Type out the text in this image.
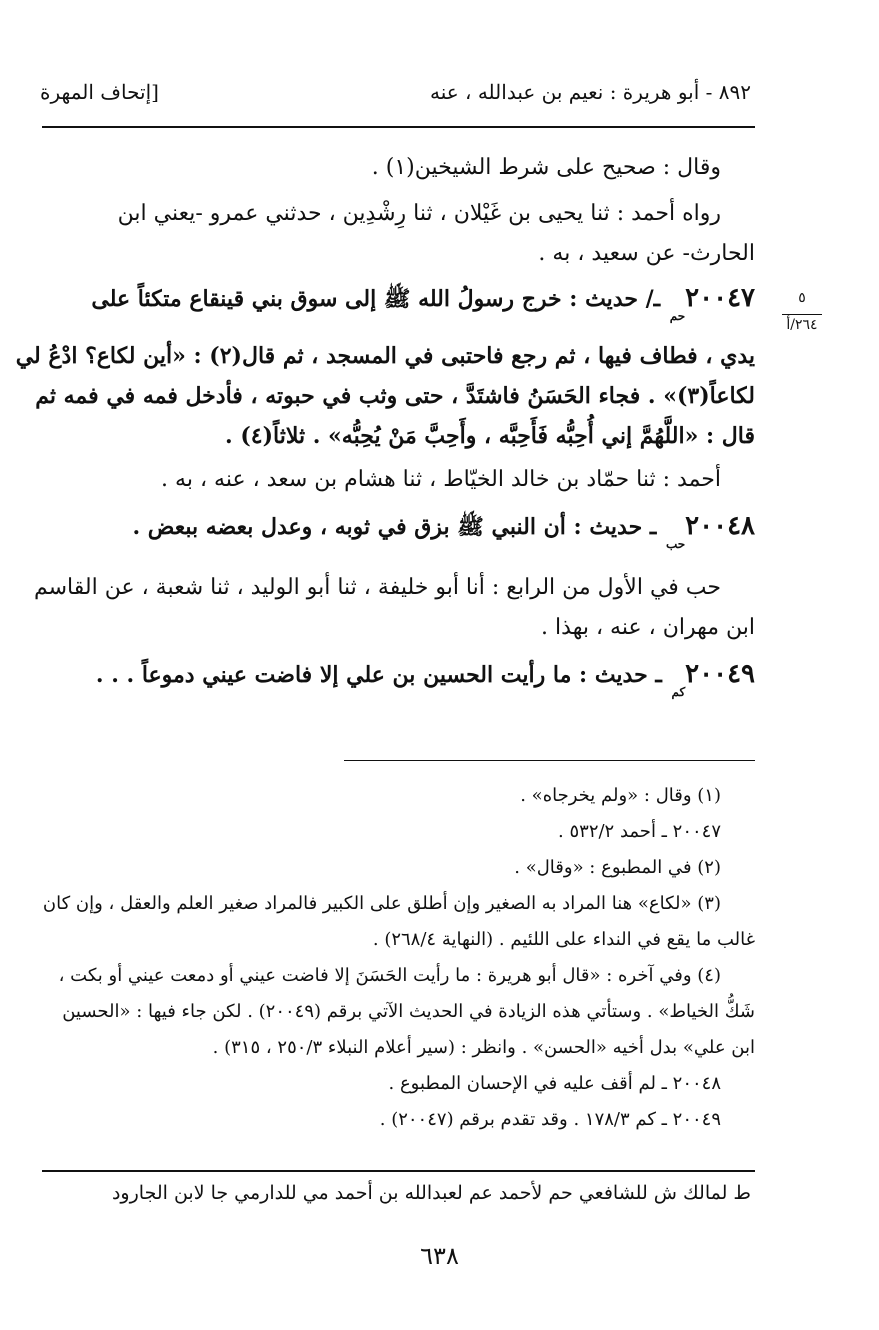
٨٩٢ - أبو هريرة : نعيم بن عبدالله ، عنه
[إتحاف المهرة
وقال : صحيح على شرط الشيخين(١) .
رواه أحمد : ثنا يحيى بن غَيْلان ، ثنا رِشْدِين ، حدثني عمرو -يعني ابن
الحارث- عن سعيد ، به .
$٢٠٠٤٧_{حم}$ ـ/ حديث : خرج رسولُ الله ﷺ إلى سوق بني قينقاع متكئاً على
يدي ، فطاف فيها ، ثم رجع فاحتبى في المسجد ، ثم قال(٢) : «أين لكاع؟ ادْعُ لي
لكاعاً(٣)» . فجاء الحَسَنُ فاشتَدَّ ، حتى وثب في حبوته ، فأدخل فمه في فمه ثم
قال : «اللَّهُمَّ إني أُحِبُّه فَأَحِبَّه ، وأَحِبَّ مَنْ يُحِبُّه» . ثلاثاً(٤) .
أحمد : ثنا حمّاد بن خالد الخيّاط ، ثنا هشام بن سعد ، عنه ، به .
$٢٠٠٤٨_{حب}$ ـ حديث : أن النبي ﷺ بزق في ثوبه ، وعدل بعضه ببعض .
حب في الأول من الرابع : أنا أبو خليفة ، ثنا أبو الوليد ، ثنا شعبة ، عن القاسم
ابن مهران ، عنه ، بهذا .
$٢٠٠٤٩_{كم}$ ـ حديث : ما رأيت الحسين بن علي إلا فاضت عيني دموعاً . . .
٥
٢٦٤/أ
(١) وقال : «ولم يخرجاه» .
٢٠٠٤٧ ـ أحمد ٥٣٢/٢ .
(٢) في المطبوع : «وقال» .
(٣) «لكاع» هنا المراد به الصغير وإن أطلق على الكبير فالمراد صغير العلم والعقل ، وإن كان
غالب ما يقع في النداء على اللئيم . (النهاية ٢٦٨/٤) .
(٤) وفي آخره : «قال أبو هريرة : ما رأيت الحَسَنَ إلا فاضت عيني أو دمعت عيني أو بكت ،
شَكُّ الخياط» . وستأتي هذه الزيادة في الحديث الآتي برقم (٢٠٠٤٩) . لكن جاء فيها : «الحسين
ابن علي» بدل أخيه «الحسن» . وانظر : (سير أعلام النبلاء ٢٥٠/٣ ، ٣١٥) .
٢٠٠٤٨ ـ لم أقف عليه في الإحسان المطبوع .
٢٠٠٤٩ ـ كم ١٧٨/٣ . وقد تقدم برقم (٢٠٠٤٧) .
ط لمالك ش للشافعي حم لأحمد عم لعبدالله بن أحمد مي للدارمي جا لابن الجارود
٦٣٨
